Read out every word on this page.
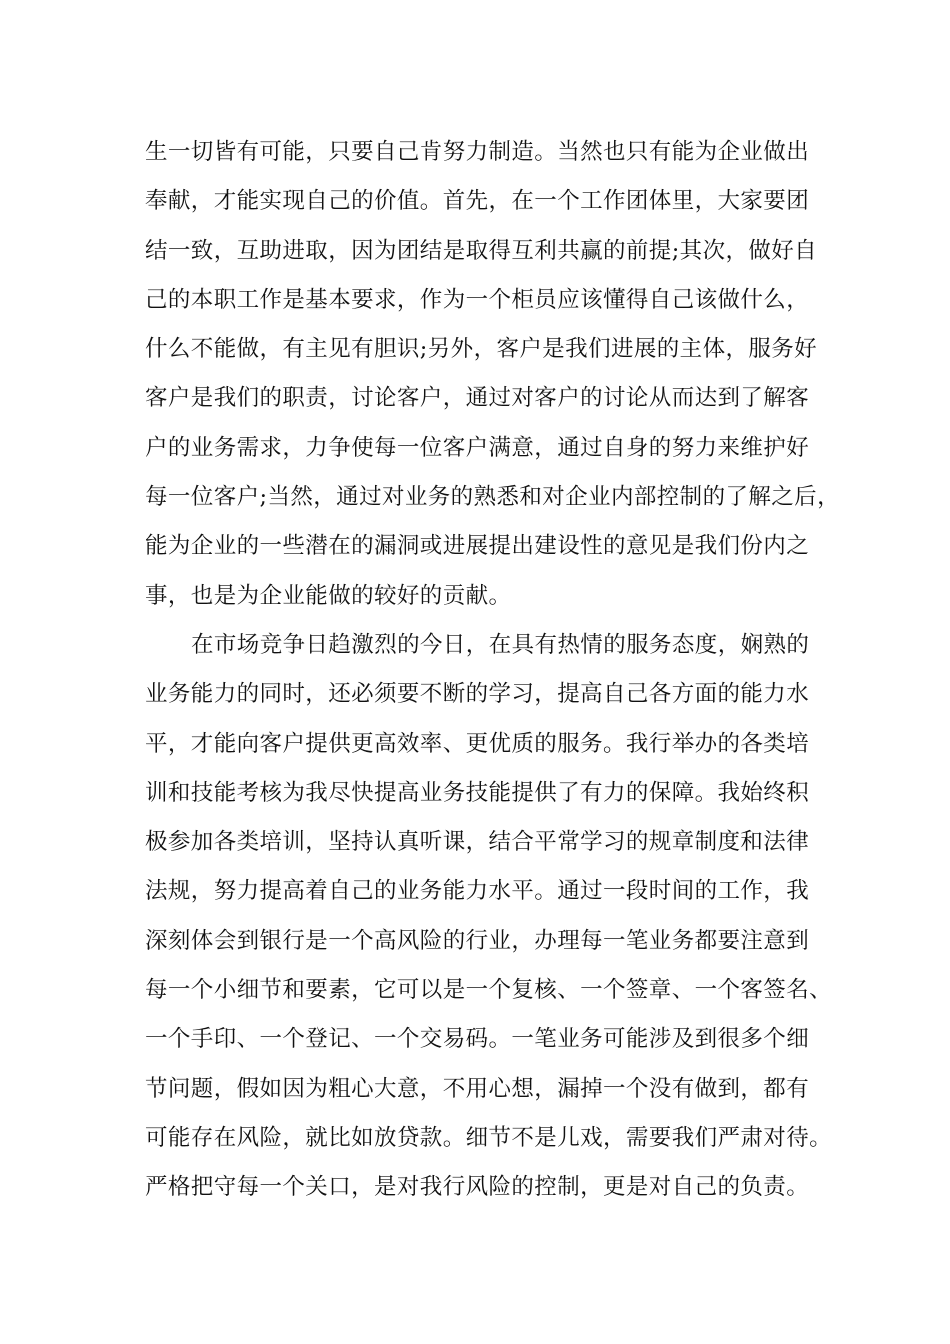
生一切皆有可能，只要自己肯努力制造。当然也只有能为企业做出
奉献，才能实现自己的价值。首先，在一个工作团体里，大家要团
结一致，互助进取，因为团结是取得互利共赢的前提;其次，做好自
己的本职工作是基本要求，作为一个柜员应该懂得自己该做什么，
什么不能做，有主见有胆识;另外，客户是我们进展的主体，服务好
客户是我们的职责，讨论客户，通过对客户的讨论从而达到了解客
户的业务需求，力争使每一位客户满意，通过自身的努力来维护好
每一位客户;当然，通过对业务的熟悉和对企业内部控制的了解之后，
能为企业的一些潜在的漏洞或进展提出建设性的意见是我们份内之
事，也是为企业能做的较好的贡献。
在市场竞争日趋激烈的今日，在具有热情的服务态度，娴熟的
业务能力的同时，还必须要不断的学习，提高自己各方面的能力水
平，才能向客户提供更高效率、更优质的服务。我行举办的各类培
训和技能考核为我尽快提高业务技能提供了有力的保障。我始终积
极参加各类培训，坚持认真听课，结合平常学习的规章制度和法律
法规，努力提高着自己的业务能力水平。通过一段时间的工作，我
深刻体会到银行是一个高风险的行业，办理每一笔业务都要注意到
每一个小细节和要素，它可以是一个复核、一个签章、一个客签名、
一个手印、一个登记、一个交易码。一笔业务可能涉及到很多个细
节问题，假如因为粗心大意，不用心想，漏掉一个没有做到，都有
可能存在风险，就比如放贷款。细节不是儿戏，需要我们严肃对待。
严格把守每一个关口，是对我行风险的控制，更是对自己的负责。
